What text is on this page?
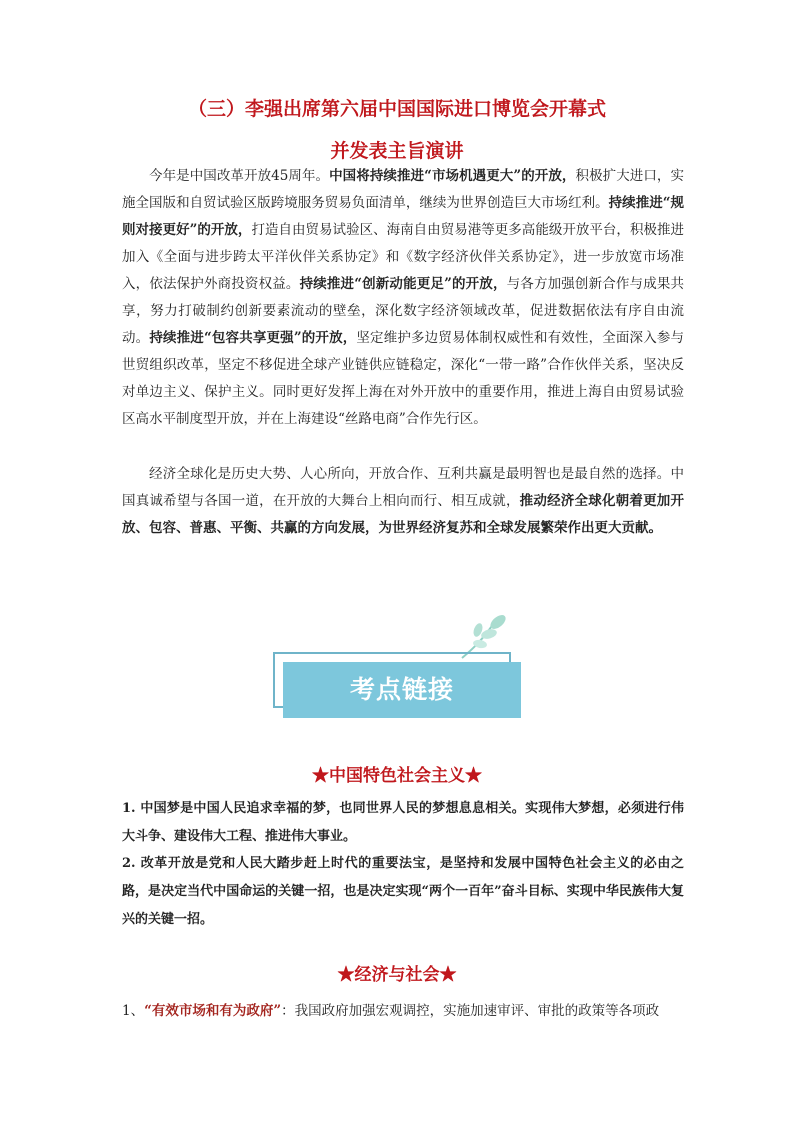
（三）李强出席第六届中国国际进口博览会开幕式
并发表主旨演讲

今年是中国改革开放45周年。中国将持续推进“市场机遇更大”的开放，积极扩大进口，实施全国版和自贸试验区版跨境服务贸易负面清单，继续为世界创造巨大市场红利。持续推进“规则对接更好”的开放，打造自由贸易试验区、海南自由贸易港等更多高能级开放平台，积极推进加入《全面与进步跨太平洋伙伴关系协定》和《数字经济伙伴关系协定》，进一步放宽市场准入，依法保护外商投资权益。持续推进“创新动能更足”的开放，与各方加强创新合作与成果共享，努力打破制约创新要素流动的壁垒，深化数字经济领域改革，促进数据依法有序自由流动。持续推进“包容共享更强”的开放，坚定维护多边贸易体制权威性和有效性，全面深入参与世贸组织改革，坚定不移促进全球产业链供应链稳定，深化“一带一路”合作伙伴关系，坚决反对单边主义、保护主义。同时更好发挥上海在对外开放中的重要作用，推进上海自由贸易试验区高水平制度型开放，并在上海建设“丝路电商”合作先行区。

经济全球化是历史大势、人心所向，开放合作、互利共赢是最明智也是最自然的选择。中国真诚希望与各国一道，在开放的大舞台上相向而行、相互成就，推动经济全球化朝着更加开放、包容、普惠、平衡、共赢的方向发展，为世界经济复苏和全球发展繁荣作出更大贡献。

考点链接
★中国特色社会主义★

1. 中国梦是中国人民追求幸福的梦，也同世界人民的梦想息息相关。实现伟大梦想，必须进行伟大斗争、建设伟大工程、推进伟大事业。

2. 改革开放是党和人民大踏步赶上时代的重要法宝，是坚持和发展中国特色社会主义的必由之路，是决定当代中国命运的关键一招，也是决定实现“两个一百年”奋斗目标、实现中华民族伟大复兴的关键一招。

★经济与社会★

1、“有效市场和有为政府”：我国政府加强宏观调控，实施加速审评、审批的政策等各项政
